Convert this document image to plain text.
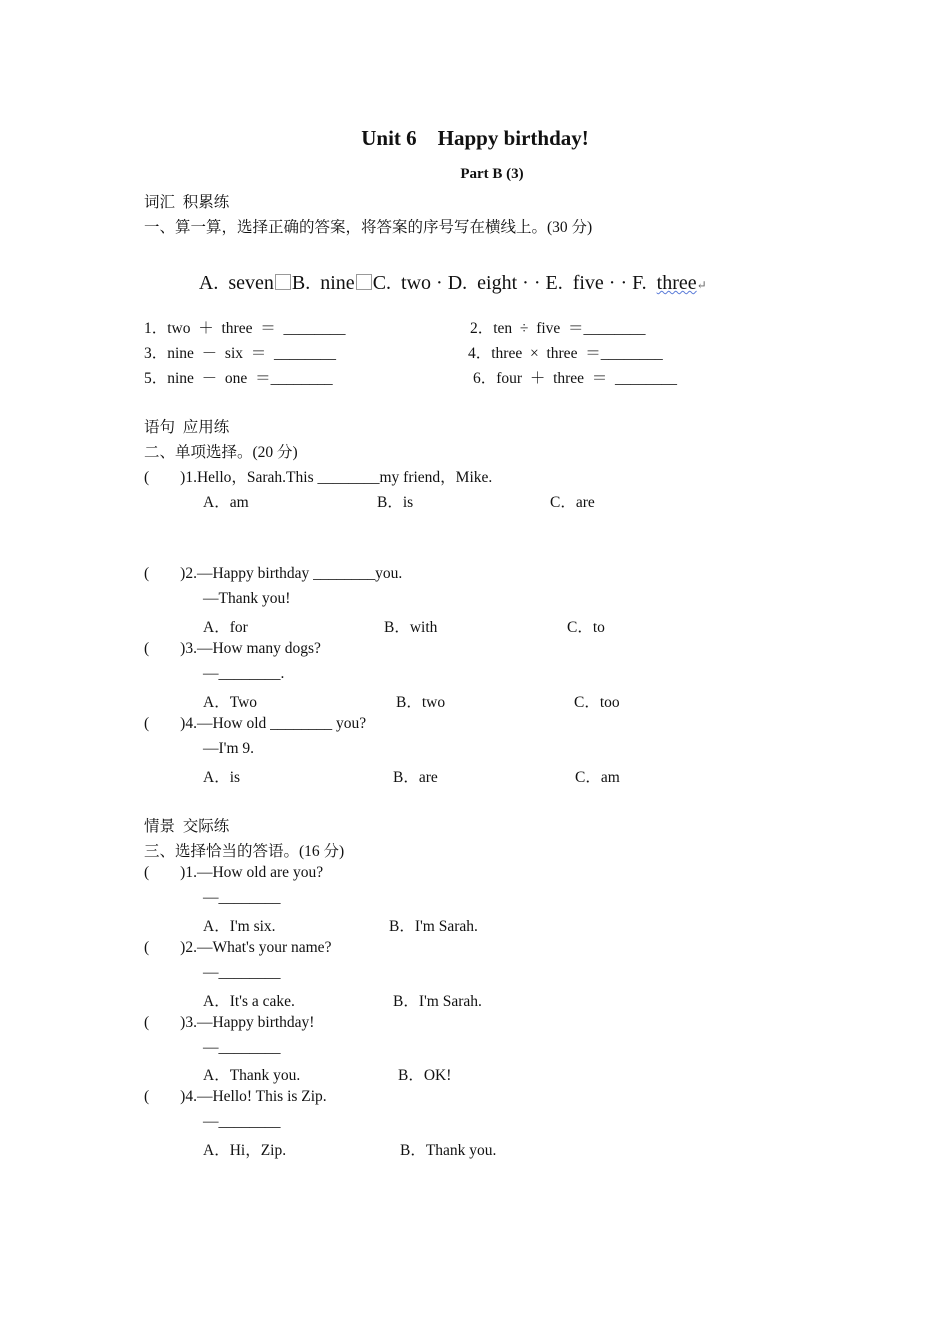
Unit 6    Happy birthday!
Part B (3)
词汇  积累练
一、算一算，选择正确的答案，将答案的序号写在横线上。(30 分)

A. seven B. nine C. two · D. eight · · E. five · · F. three↵

1．two  ＋  three  ＝  ________	2．ten  ÷  five  ＝________
3．nine  －  six  ＝  ________	4．three  ×  three  ＝________
5．nine  －  one  ＝________	6．four  ＋  three  ＝  ________
语句  应用练
二、单项选择。(20 分)
(        )1.Hello，Sarah.This ________my friend，Mike.
A．am	B．is	C．are
(        )2.—Happy birthday ________you.
—Thank you!
A．for	B．with	C．to
(        )3.—How many dogs?
—________.
A．Two	B．two	C．too
(        )4.—How old ________ you?
—I'm 9.
A．is	B．are	C．am
情景  交际练
三、选择恰当的答语。(16 分)
(        )1.—How old are you?
—________
A．I'm six.	B．I'm Sarah.
(        )2.—What's your name?
—________
A．It's a cake.	B．I'm Sarah.
(        )3.—Happy birthday!
—________
A．Thank you.	B．OK!
(        )4.—Hello! This is Zip.
—________
A．Hi，Zip.	B．Thank you.
